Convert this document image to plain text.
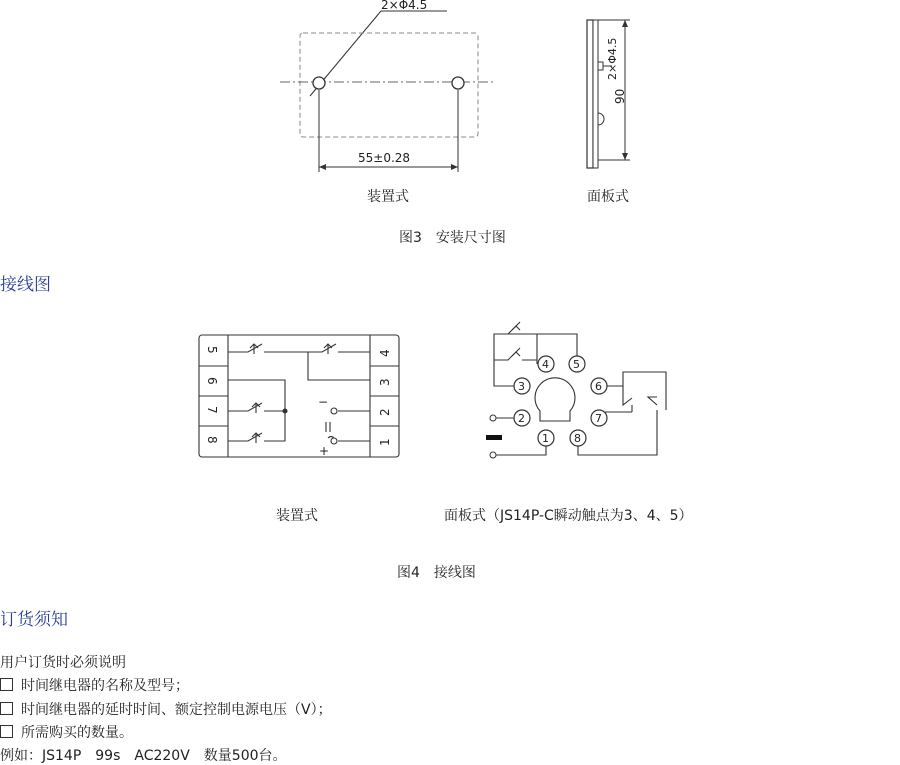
2×Φ4.5
55±0.28
2×Φ4.5
90
装置式	面板式
图3　安装尺寸图
接线图
5
6
7
8
4
3
2
1
−
+
1
2
3
4 5
6
7
8
装置式	面板式（JS14P-C瞬动触点为3、4、5）
图4　接线图
订货须知
用户订货时必须说明
时间继电器的名称及型号；
时间继电器的延时时间、额定控制电源电压（V）；
所需购买的数量。
例如：JS14P　99s　AC220V　数量500台。
